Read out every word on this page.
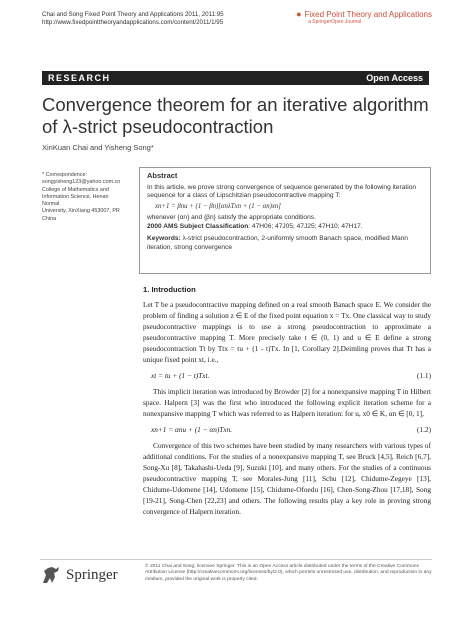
Chai and Song Fixed Point Theory and Applications 2011, 2011:95
http://www.fixedpointtheoryandapplications.com/content/2011/1/95
● Fixed Point Theory and Applications
a SpringerOpen Journal
RESEARCH	Open Access
Convergence theorem for an iterative algorithm of λ-strict pseudocontraction
XinKuan Chai and Yisheng Song*
* Correspondence:
songyisheng123@yahoo.com.cn
College of Mathematics and
Information Science, Henan Normal
University, XinXiang 453007, PR
China
Abstract

In this article, we prove strong convergence of sequence generated by the following iteration sequence for a class of Lipschitzian pseudocontractive mapping T:

xn+1 = βnu + (1 − βn)[αnλTxn + (1 − αn)xn]

whenever {αn} and {βn} satisfy the appropriate conditions.

2000 AMS Subject Classification: 47H06; 47J05; 47J25; 47H10; 47H17.

Keywords: λ-strict pseudocontraction, 2-uniformly smooth Banach space, modified Mann iteration, strong convergence

1. Introduction

Let T be a pseudocontractive mapping defined on a real smooth Banach space E. We consider the problem of finding a solution z ∈ E of the fixed point equation x = Tx. One classical way to study pseudocontractive mappings is to use a strong pseudocontraction to approximate a pseudocontractive mapping T. More precisely take t ∈ (0, 1) and u ∈ E define a strong pseudocontraction Tt by Ttx = tu + (1 - t)Tx. In [1, Corollary 2].Deimling proves that Tt has a unique fixed point xt, i.e.,

xt = tu + (1 − t)Txt.	(1.1)

This implicit iteration was introduced by Browder [2] for a nonexpansive mapping T in Hilbert space. Halpern [3] was the first who introduced the following explicit iteration scheme for a nonexpansive mapping T which was referred to as Halpern iteration: for u, x0 ∈ K, αn ∈ [0, 1],

xn+1 = αnu + (1 − αn)Txn.	(1.2)

Convergence of this two schemes have been studied by many researchers with various types of additional conditions. For the studies of a nonexpansive mapping T, see Bruck [4,5], Reich [6,7], Song-Xu [8], Takahashi-Ueda [9], Suzuki [10], and many others. For the studies of a continuous pseudocontractive mapping T, see Morales-Jung [11], Schu [12], Chidume-Zegeye [13], Chidume-Udomene [14], Udomene [15], Chidume-Ofoedu [16], Chen-Song-Zhou [17,18], Song [19-21], Song-Chen [22,23] and others. The following results play a key role in proving strong convergence of Halpern iteration.

Springer	© 2011 Chai and Song; licensee Springer. This is an Open Access article distributed under the terms of the Creative Commons Attribution License (http://creativecommons.org/licenses/by/2.0), which permits unrestricted use, distribution, and reproduction in any medium, provided the original work is properly cited.
